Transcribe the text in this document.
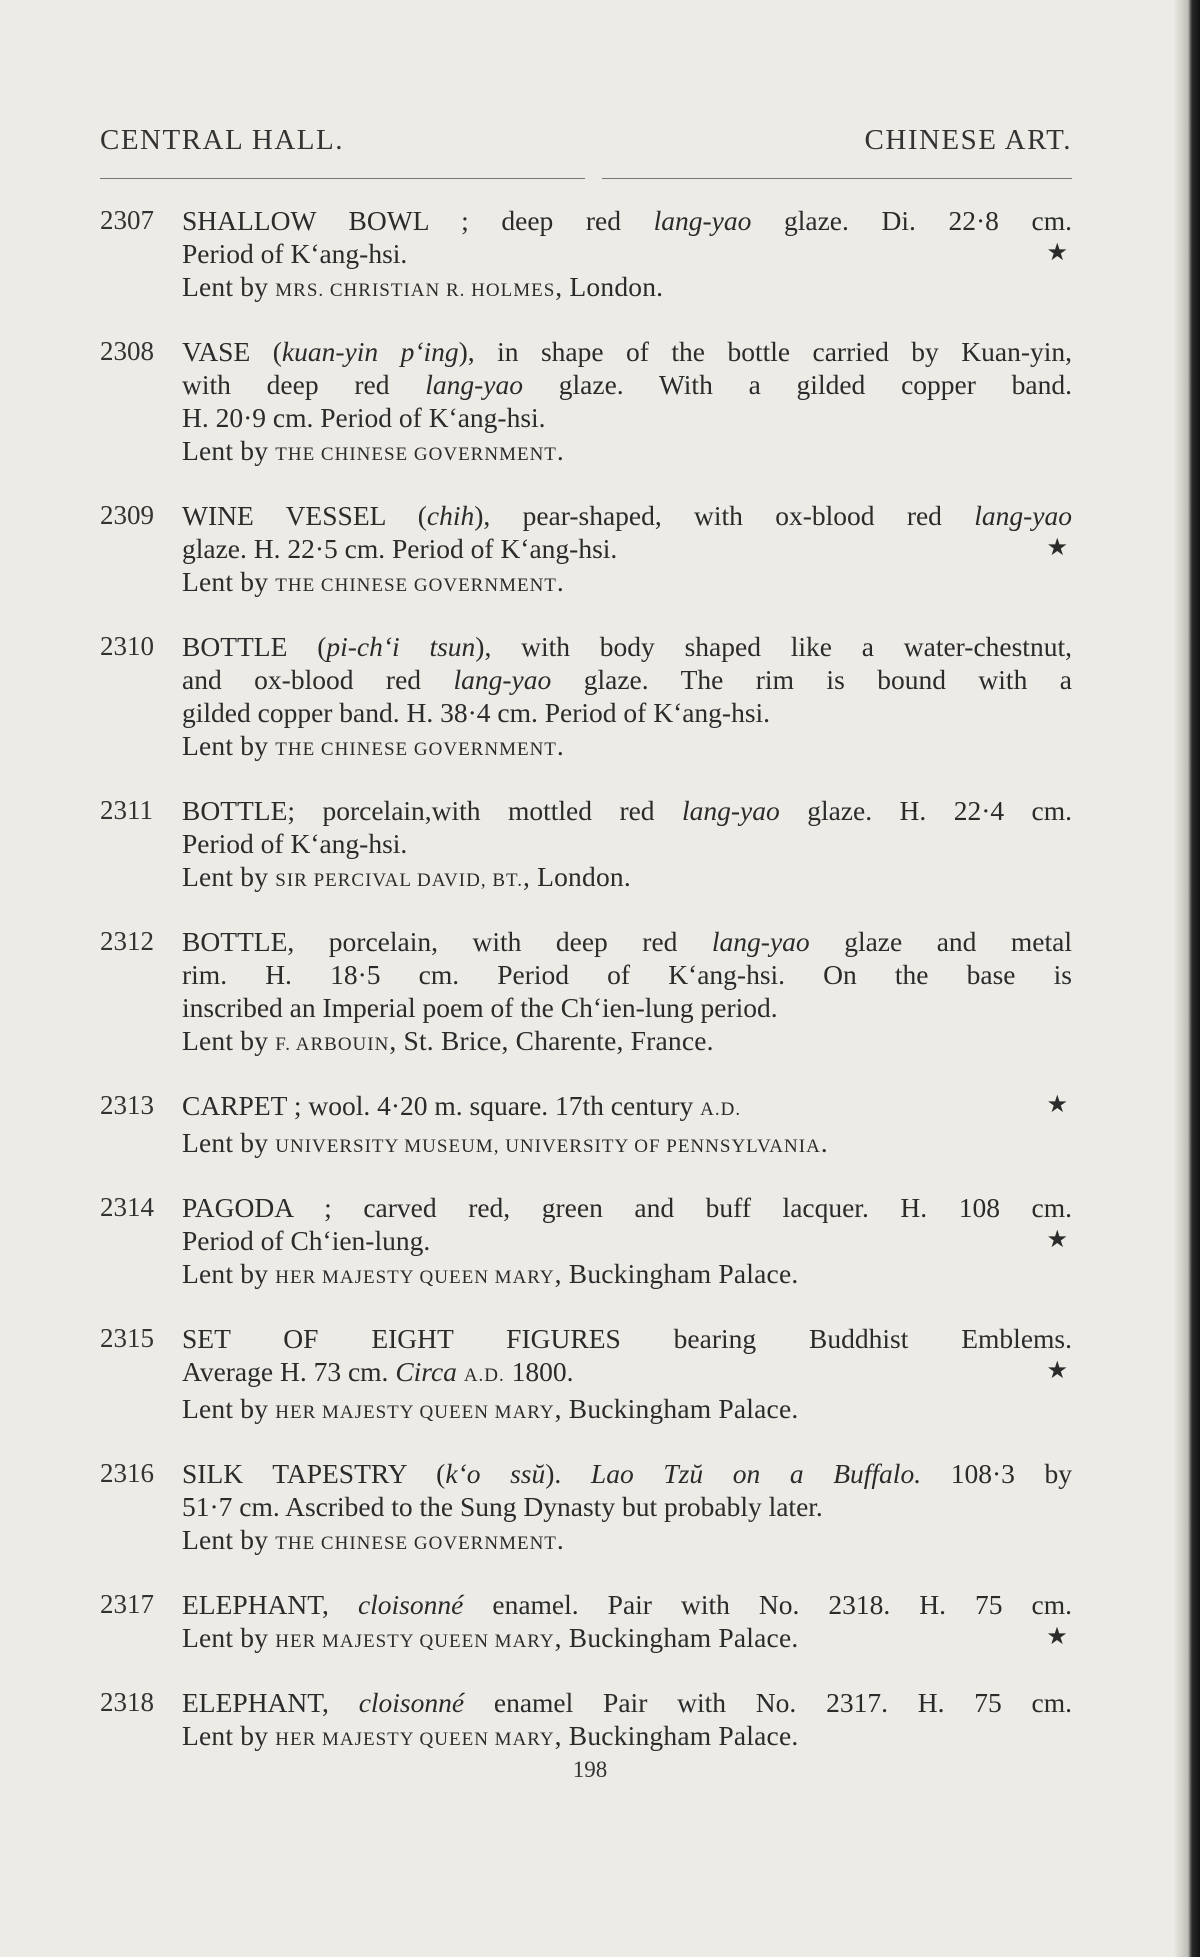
CENTRAL HALL.	CHINESE ART.
2307 SHALLOW BOWL ; deep red lang-yao glaze. Di. 22·8 cm.
Period of K‘ang-hsi.	★
Lent by MRS. CHRISTIAN R. HOLMES, London.
2308 VASE (kuan-yin p‘ing), in shape of the bottle carried by Kuan-yin,
with deep red lang-yao glaze. With a gilded copper band.
H. 20·9 cm. Period of K‘ang-hsi.
Lent by THE CHINESE GOVERNMENT.
2309 WINE VESSEL (chih), pear-shaped, with ox-blood red lang-yao
glaze. H. 22·5 cm. Period of K‘ang-hsi.	★
Lent by THE CHINESE GOVERNMENT.
2310 BOTTLE (pi-ch‘i tsun), with body shaped like a water-chestnut,
and ox-blood red lang-yao glaze. The rim is bound with a
gilded copper band. H. 38·4 cm. Period of K‘ang-hsi.
Lent by THE CHINESE GOVERNMENT.
2311 BOTTLE; porcelain,with mottled red lang-yao glaze. H. 22·4 cm.
Period of K‘ang-hsi.
Lent by SIR PERCIVAL DAVID, BT., London.
2312 BOTTLE, porcelain, with deep red lang-yao glaze and metal
rim. H. 18·5 cm. Period of K‘ang-hsi. On the base is
inscribed an Imperial poem of the Ch‘ien-lung period.
Lent by F. ARBOUIN, St. Brice, Charente, France.
2313 CARPET ; wool. 4·20 m. square. 17th century A.D.	★
Lent by UNIVERSITY MUSEUM, UNIVERSITY OF PENNSYLVANIA.
2314 PAGODA ; carved red, green and buff lacquer. H. 108 cm.
Period of Ch‘ien-lung.	★
Lent by HER MAJESTY QUEEN MARY, Buckingham Palace.
2315 SET OF EIGHT FIGURES bearing Buddhist Emblems.
Average H. 73 cm. Circa A.D. 1800.	★
Lent by HER MAJESTY QUEEN MARY, Buckingham Palace.
2316 SILK TAPESTRY (k‘o ssŭ). Lao Tzŭ on a Buffalo. 108·3 by
51·7 cm. Ascribed to the Sung Dynasty but probably later.
Lent by THE CHINESE GOVERNMENT.
2317 ELEPHANT, cloisonné enamel. Pair with No. 2318. H. 75 cm.
Lent by HER MAJESTY QUEEN MARY, Buckingham Palace.	★
2318 ELEPHANT, cloisonné enamel Pair with No. 2317. H. 75 cm.
Lent by HER MAJESTY QUEEN MARY, Buckingham Palace.
198
